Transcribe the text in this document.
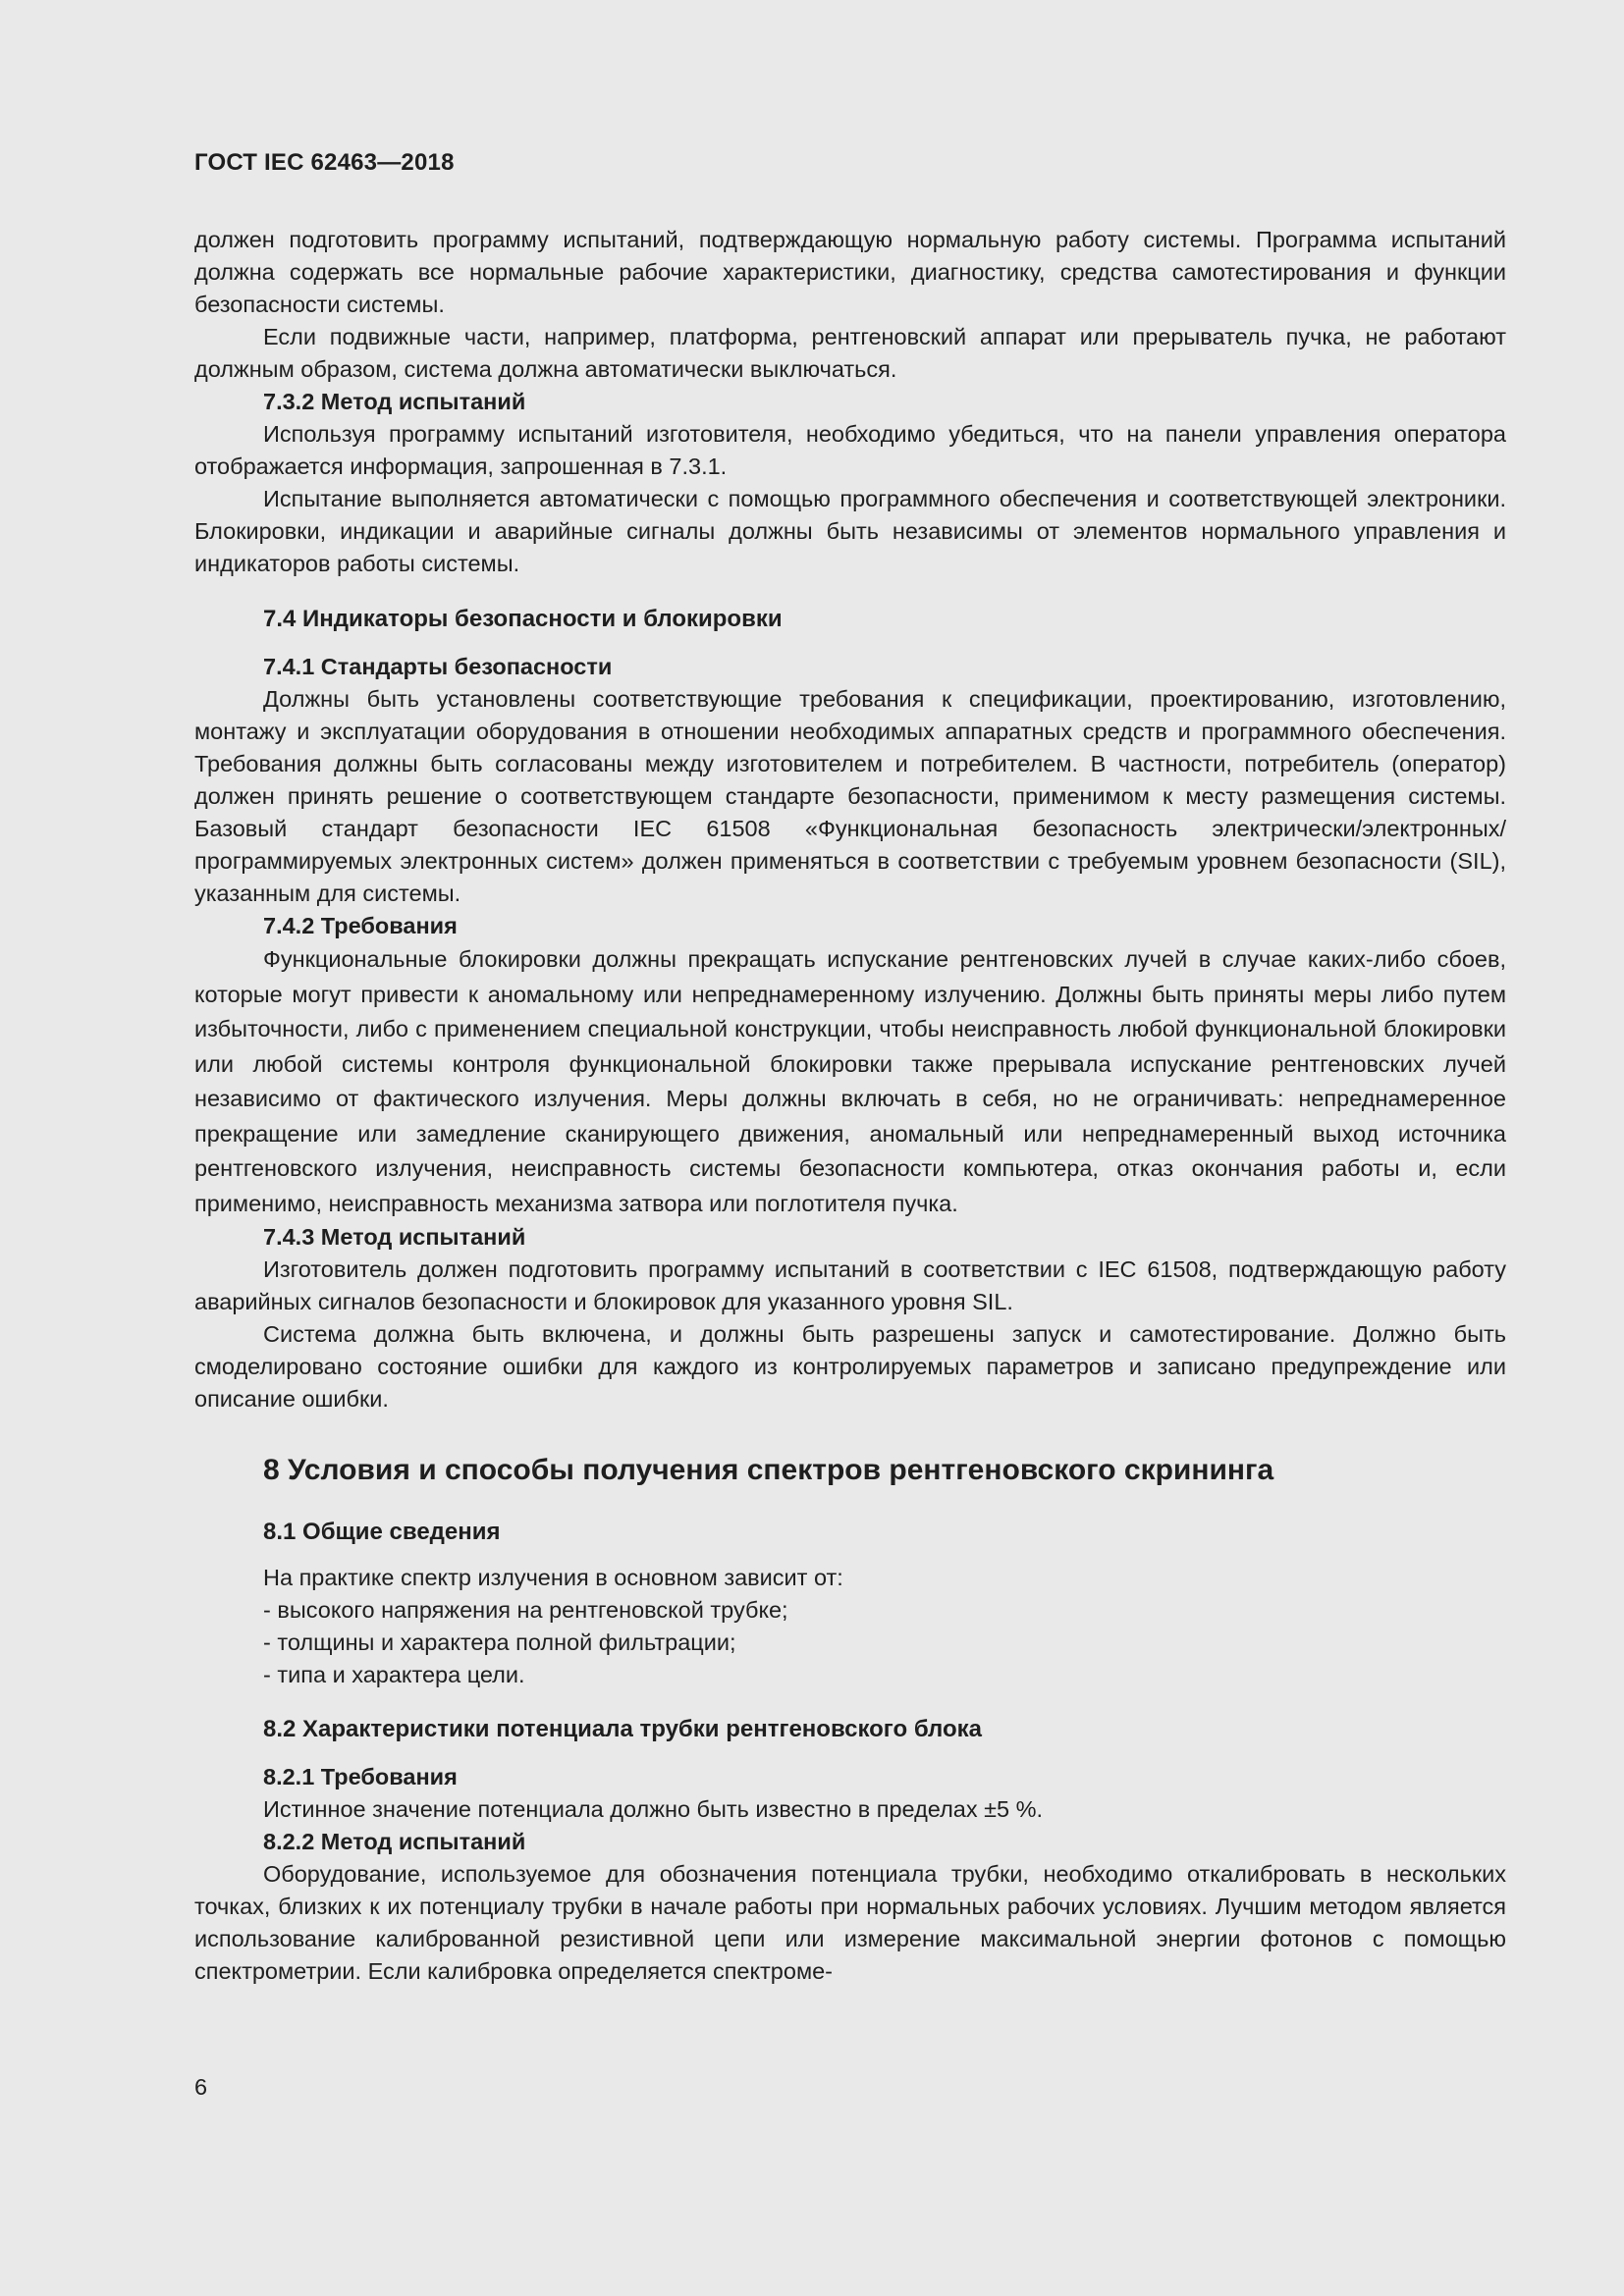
ГОСТ IEC 62463—2018

должен подготовить программу испытаний, подтверждающую нормальную работу системы. Программа испытаний должна содержать все нормальные рабочие характеристики, диагностику, средства самотестирования и функции безопасности системы.

Если подвижные части, например, платформа, рентгеновский аппарат или прерыватель пучка, не работают должным образом, система должна автоматически выключаться.

7.3.2 Метод испытаний

Используя программу испытаний изготовителя, необходимо убедиться, что на панели управления оператора отображается информация, запрошенная в 7.3.1.

Испытание выполняется автоматически с помощью программного обеспечения и соответствующей электроники. Блокировки, индикации и аварийные сигналы должны быть независимы от элементов нормального управления и индикаторов работы системы.

7.4 Индикаторы безопасности и блокировки

7.4.1 Стандарты безопасности

Должны быть установлены соответствующие требования к спецификации, проектированию, изготовлению, монтажу и эксплуатации оборудования в отношении необходимых аппаратных средств и программного обеспечения. Требования должны быть согласованы между изготовителем и потребителем. В частности, потребитель (оператор) должен принять решение о соответствующем стандарте безопасности, применимом к месту размещения системы. Базовый стандарт безопасности IEC 61508 «Функциональная безопасность электрически/электронных/программируемых электронных систем» должен применяться в соответствии с требуемым уровнем безопасности (SIL), указанным для системы.

7.4.2 Требования

Функциональные блокировки должны прекращать испускание рентгеновских лучей в случае каких-либо сбоев, которые могут привести к аномальному или непреднамеренному излучению. Должны быть приняты меры либо путем избыточности, либо с применением специальной конструкции, чтобы неисправность любой функциональной блокировки или любой системы контроля функциональной блокировки также прерывала испускание рентгеновских лучей независимо от фактического излучения. Меры должны включать в себя, но не ограничивать: непреднамеренное прекращение или замедление сканирующего движения, аномальный или непреднамеренный выход источника рентгеновского излучения, неисправность системы безопасности компьютера, отказ окончания работы и, если применимо, неисправность механизма затвора или поглотителя пучка.

7.4.3 Метод испытаний

Изготовитель должен подготовить программу испытаний в соответствии с IEC 61508, подтверждающую работу аварийных сигналов безопасности и блокировок для указанного уровня SIL.

Система должна быть включена, и должны быть разрешены запуск и самотестирование. Должно быть смоделировано состояние ошибки для каждого из контролируемых параметров и записано предупреждение или описание ошибки.

8 Условия и способы получения спектров рентгеновского скрининга

8.1 Общие сведения

На практике спектр излучения в основном зависит от:

- высокого напряжения на рентгеновской трубке;

- толщины и характера полной фильтрации;

- типа и характера цели.

8.2 Характеристики потенциала трубки рентгеновского блока

8.2.1 Требования

Истинное значение потенциала должно быть известно в пределах ±5 %.

8.2.2 Метод испытаний

Оборудование, используемое для обозначения потенциала трубки, необходимо откалибровать в нескольких точках, близких к их потенциалу трубки в начале работы при нормальных рабочих условиях. Лучшим методом является использование калиброванной резистивной цепи или измерение максимальной энергии фотонов с помощью спектрометрии. Если калибровка определяется спектроме-

6
